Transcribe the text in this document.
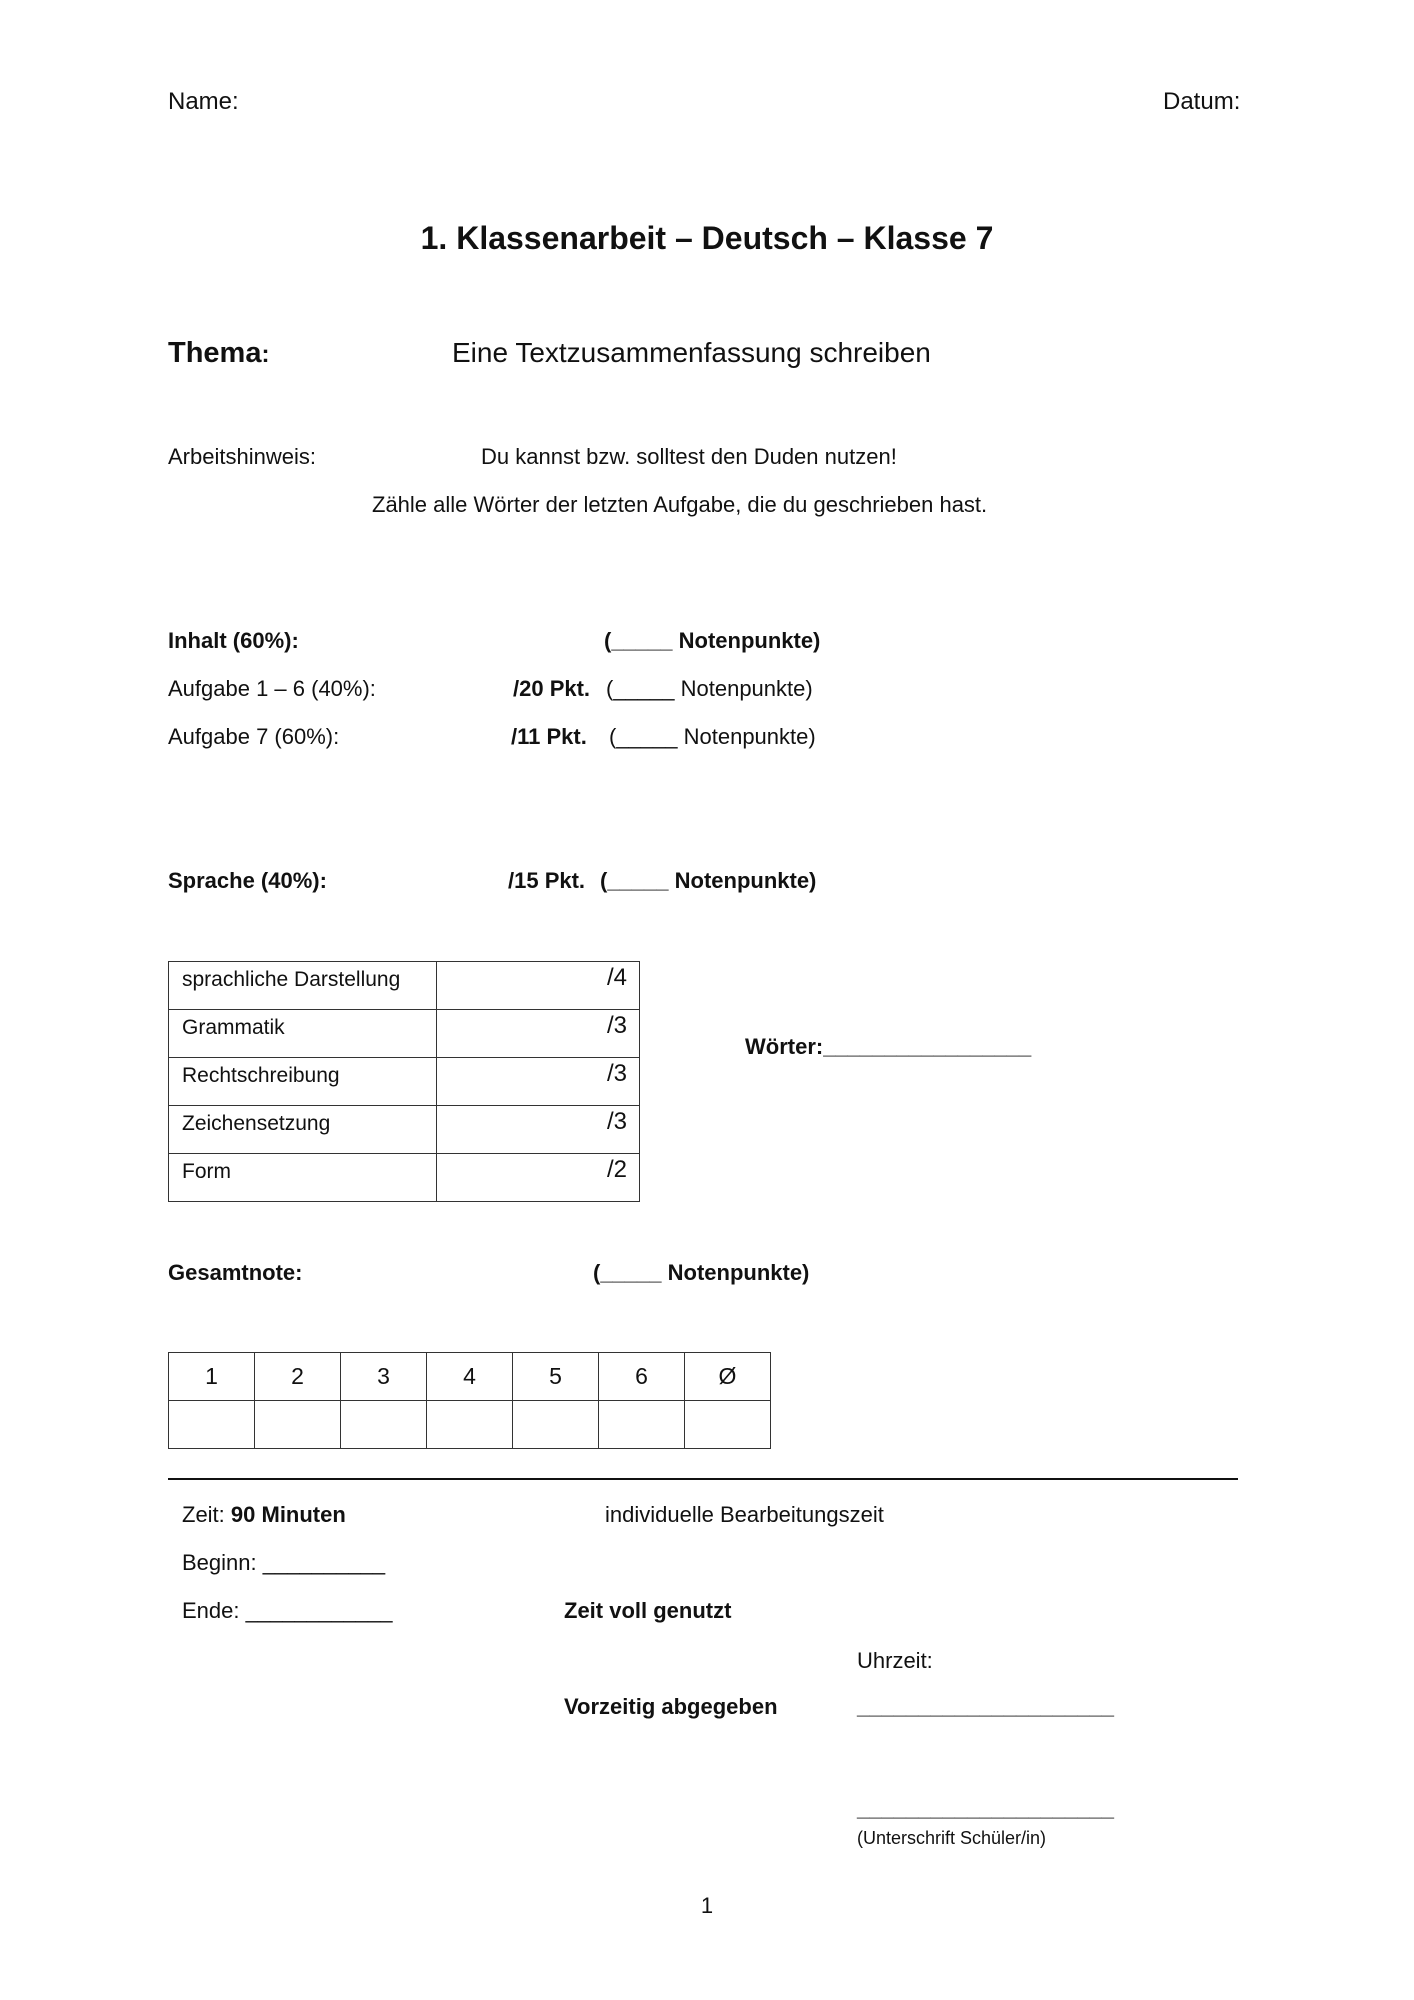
Name:	Datum:
1. Klassenarbeit – Deutsch – Klasse 7
Thema:	Eine Textzusammenfassung schreiben
Arbeitshinweis:	Du kannst bzw. solltest den Duden nutzen!
Zähle alle Wörter der letzten Aufgabe, die du geschrieben hast.
Inhalt (60%):	(_____ Notenpunkte)
Aufgabe 1 – 6 (40%):	/20 Pkt. (_____ Notenpunkte)
Aufgabe 7 (60%):	/11 Pkt. (_____ Notenpunkte)
Sprache (40%):	/15 Pkt. (_____ Notenpunkte)
sprachliche Darstellung	/4
Grammatik	/3
Rechtschreibung	/3
Zeichensetzung	/3
Form	/2
Wörter:_________________
Gesamtnote:	(_____ Notenpunkte)
1	2	3	4	5	6	Ø

Zeit: 90 Minuten	individuelle Bearbeitungszeit
Beginn: __________
Ende: ____________	Zeit voll genutzt
Uhrzeit:
Vorzeitig abgegeben	_____________________
_____________________
(Unterschrift Schüler/in)
1
